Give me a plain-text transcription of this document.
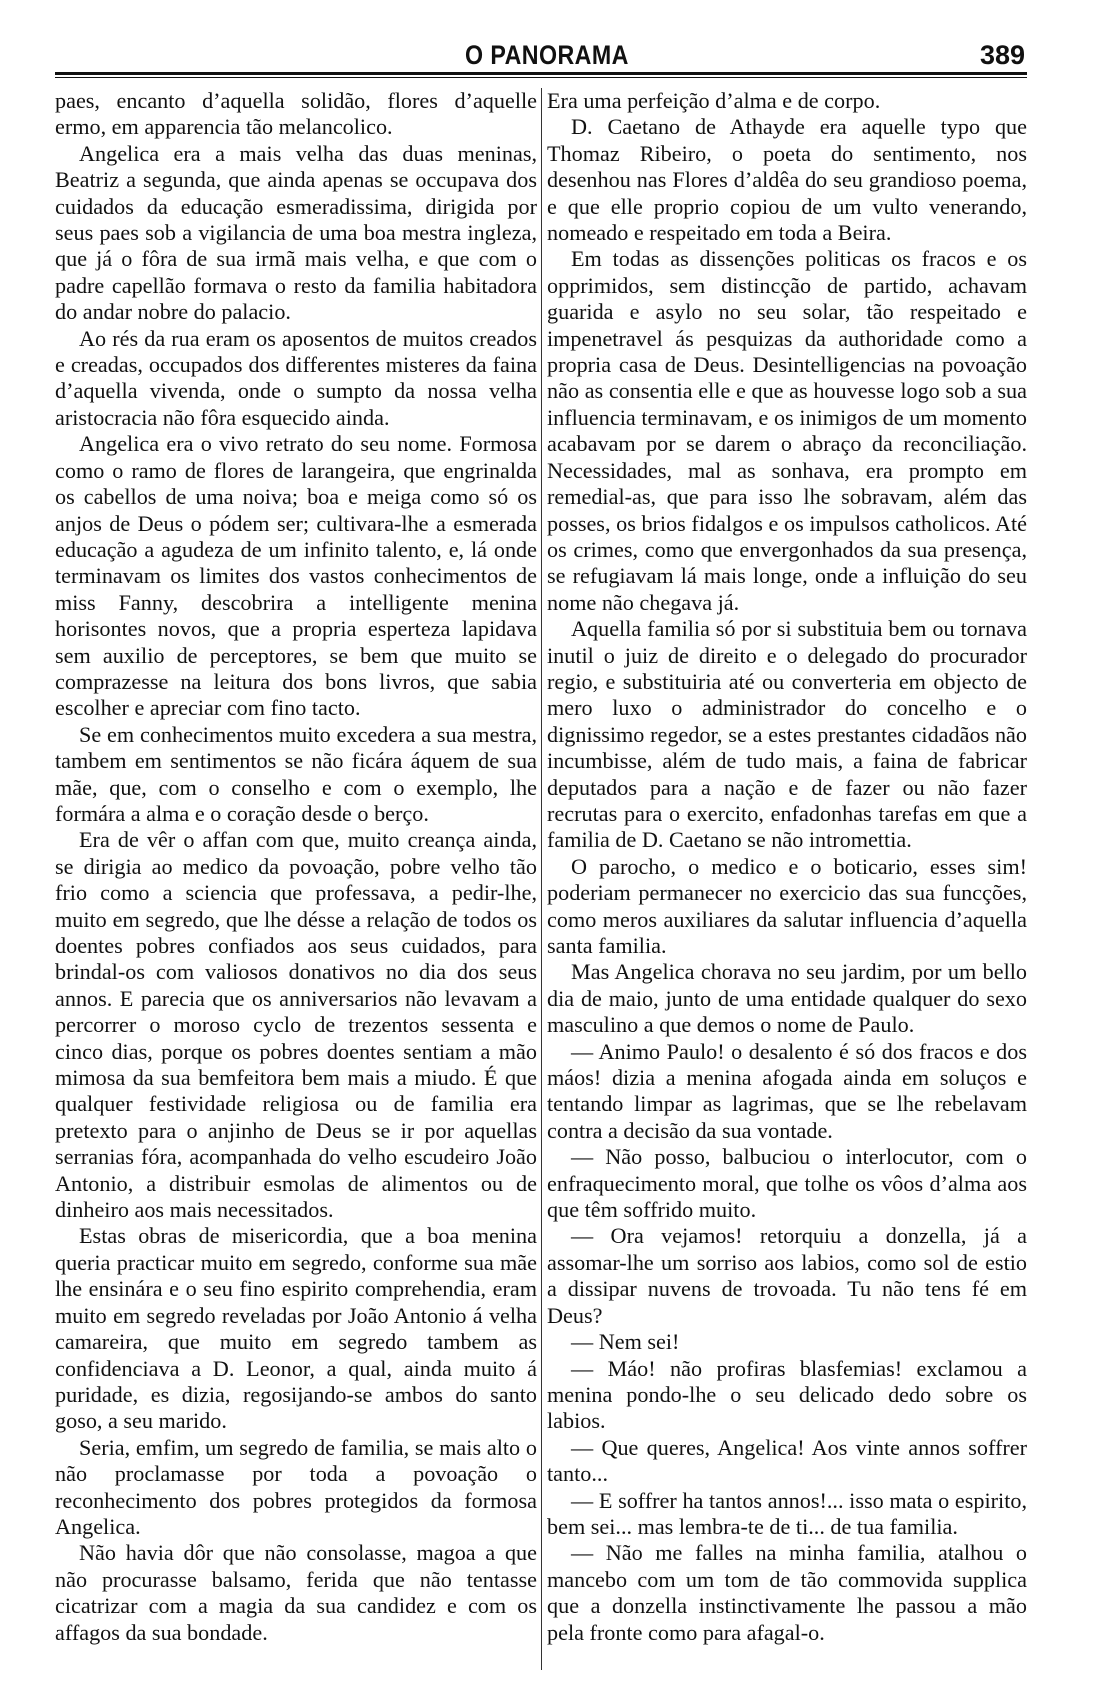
O PANORAMA	389

paes, encanto d’aquella solidão, flores d’aquelle ermo, em apparencia tão melancolico.

Angelica era a mais velha das duas meninas, Beatriz a segunda, que ainda apenas se occupava dos cuidados da educação esmeradissima, dirigida por seus paes sob a vigilancia de uma boa mestra ingleza, que já o fôra de sua irmã mais velha, e que com o padre capellão formava o resto da familia habitadora do andar nobre do palacio.

Ao rés da rua eram os aposentos de muitos creados e creadas, occupados dos differentes misteres da faina d’aquella vivenda, onde o sumpto da nossa velha aristocracia não fôra esquecido ainda.

Angelica era o vivo retrato do seu nome. Formosa como o ramo de flores de larangeira, que engrinalda os cabellos de uma noiva; boa e meiga como só os anjos de Deus o pódem ser; cultivara-lhe a esmerada educação a agudeza de um infinito talento, e, lá onde terminavam os limites dos vastos conhecimentos de miss Fanny, descobrira a intelligente menina horisontes novos, que a propria esperteza lapidava sem auxilio de perceptores, se bem que muito se comprazesse na leitura dos bons livros, que sabia escolher e apreciar com fino tacto.

Se em conhecimentos muito excedera a sua mestra, tambem em sentimentos se não ficára áquem de sua mãe, que, com o conselho e com o exemplo, lhe formára a alma e o coração desde o berço.

Era de vêr o affan com que, muito creança ainda, se dirigia ao medico da povoação, pobre velho tão frio como a sciencia que professava, a pedir-lhe, muito em segredo, que lhe désse a relação de todos os doentes pobres confiados aos seus cuidados, para brindal-os com valiosos donativos no dia dos seus annos. E parecia que os anniversarios não levavam a percorrer o moroso cyclo de trezentos sessenta e cinco dias, porque os pobres doentes sentiam a mão mimosa da sua bemfeitora bem mais a miudo. É que qualquer festividade religiosa ou de familia era pretexto para o anjinho de Deus se ir por aquellas serranias fóra, acompanhada do velho escudeiro João Antonio, a distribuir esmolas de alimentos ou de dinheiro aos mais necessitados.

Estas obras de misericordia, que a boa menina queria practicar muito em segredo, conforme sua mãe lhe ensinára e o seu fino espirito comprehendia, eram muito em segredo reveladas por João Antonio á velha camareira, que muito em segredo tambem as confidenciava a D. Leonor, a qual, ainda muito á puridade, es dizia, regosijando-se ambos do santo goso, a seu marido.

Seria, emfim, um segredo de familia, se mais alto o não proclamasse por toda a povoação o reconhecimento dos pobres protegidos da formosa Angelica.

Não havia dôr que não consolasse, magoa a que não procurasse balsamo, ferida que não tentasse cicatrizar com a magia da sua candidez e com os affagos da sua bondade.

Era uma perfeição d’alma e de corpo.

D. Caetano de Athayde era aquelle typo que Thomaz Ribeiro, o poeta do sentimento, nos desenhou nas Flores d’aldêa do seu grandioso poema, e que elle proprio copiou de um vulto venerando, nomeado e respeitado em toda a Beira.

Em todas as dissenções politicas os fracos e os opprimidos, sem distincção de partido, achavam guarida e asylo no seu solar, tão respeitado e impenetravel ás pesquizas da authoridade como a propria casa de Deus. Desintelligencias na povoação não as consentia elle e que as houvesse logo sob a sua influencia terminavam, e os inimigos de um momento acabavam por se darem o abraço da reconciliação. Necessidades, mal as sonhava, era prompto em remedial-as, que para isso lhe sobravam, além das posses, os brios fidalgos e os impulsos catholicos. Até os crimes, como que envergonhados da sua presença, se refugiavam lá mais longe, onde a influição do seu nome não chegava já.

Aquella familia só por si substituia bem ou tornava inutil o juiz de direito e o delegado do procurador regio, e substituiria até ou converteria em objecto de mero luxo o administrador do concelho e o dignissimo regedor, se a estes prestantes cidadãos não incumbisse, além de tudo mais, a faina de fabricar deputados para a nação e de fazer ou não fazer recrutas para o exercito, enfadonhas tarefas em que a familia de D. Caetano se não intromettia.

O parocho, o medico e o boticario, esses sim! poderiam permanecer no exercicio das sua funcções, como meros auxiliares da salutar influencia d’aquella santa familia.

Mas Angelica chorava no seu jardim, por um bello dia de maio, junto de uma entidade qualquer do sexo masculino a que demos o nome de Paulo.

— Animo Paulo! o desalento é só dos fracos e dos máos! dizia a menina afogada ainda em soluços e tentando limpar as lagrimas, que se lhe rebelavam contra a decisão da sua vontade.

— Não posso, balbuciou o interlocutor, com o enfraquecimento moral, que tolhe os vôos d’alma aos que têm soffrido muito.

— Ora vejamos! retorquiu a donzella, já a assomar-lhe um sorriso aos labios, como sol de estio a dissipar nuvens de trovoada. Tu não tens fé em Deus?

— Nem sei!

— Máo! não profiras blasfemias! exclamou a menina pondo-lhe o seu delicado dedo sobre os labios.

— Que queres, Angelica! Aos vinte annos soffrer tanto...

— E soffrer ha tantos annos!... isso mata o espirito, bem sei... mas lembra-te de ti... de tua familia.

— Não me falles na minha familia, atalhou o mancebo com um tom de tão commovida supplica que a donzella instinctivamente lhe passou a mão pela fronte como para afagal-o.
